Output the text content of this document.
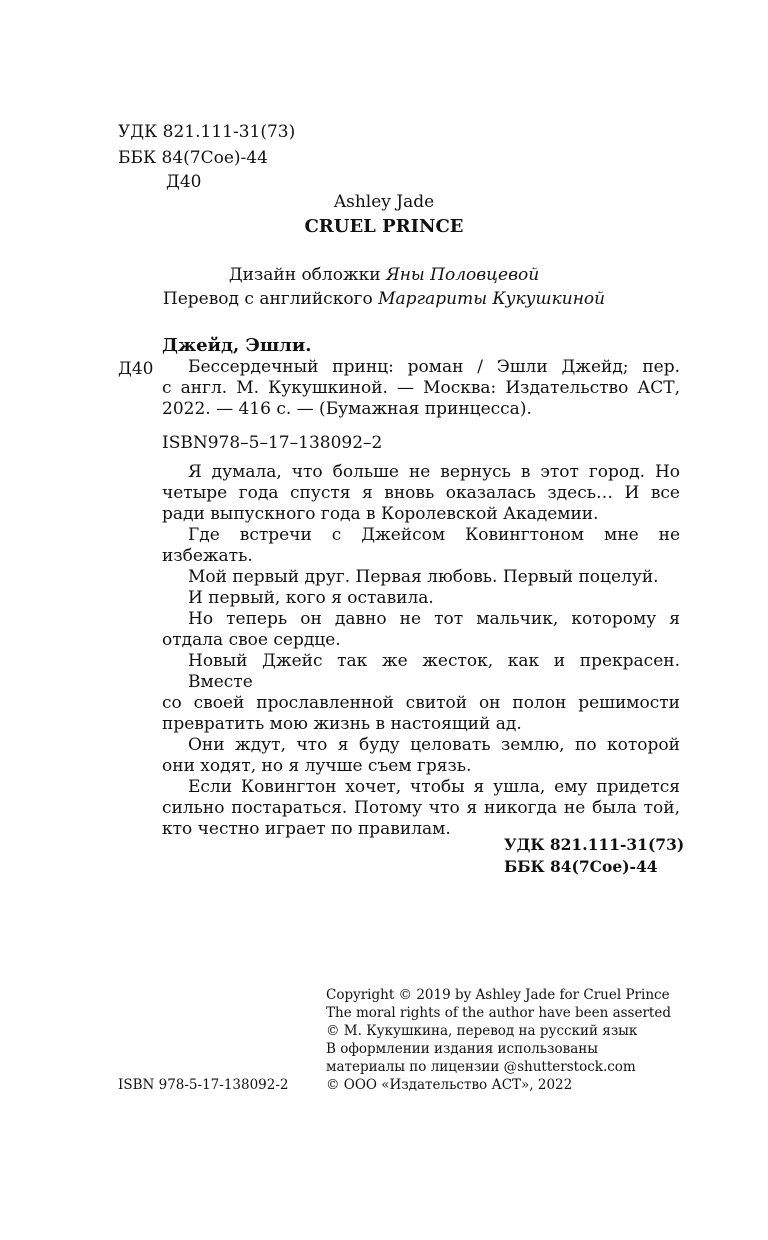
УДК 821.111-31(73)
ББК 84(7Сое)-44
Д40
Ashley Jade
CRUEL PRINCE
Дизайн обложки Яны Половцевой
Перевод с английского Маргариты Кукушкиной
Джейд, Эшли.
Д40	Бессердечный принц: роман / Эшли Джейд; пер.
с англ. М. Кукушкиной. — Москва: Издательство АСТ,
2022. — 416 с. — (Бумажная принцесса).
ISBN978–5–17–138092–2
Я думала, что больше не вернусь в этот город. Но
четыре года спустя я вновь оказалась здесь… И все
ради выпускного года в Королевской Академии.
Где встречи с Джейсом Ковингтоном мне не
избежать.
Мой первый друг. Первая любовь. Первый поцелуй.
И первый, кого я оставила.
Но теперь он давно не тот мальчик, которому я
отдала свое сердце.
Новый Джейс так же жесток, как и прекрасен. Вместе
со своей прославленной свитой он полон решимости
превратить мою жизнь в настоящий ад.
Они ждут, что я буду целовать землю, по которой
они ходят, но я лучше съем грязь.
Если Ковингтон хочет, чтобы я ушла, ему придется
сильно постараться. Потому что я никогда не была той,
кто честно играет по правилам.
УДК 821.111-31(73)
ББК 84(7Сое)-44
Copyright © 2019 by Ashley Jade for Cruel Prince
The moral rights of the author have been asserted
© М. Кукушкина, перевод на русский язык
В оформлении издания использованы
материалы по лицензии @shutterstock.com
© ООО «Издательство АСТ», 2022
ISBN 978-5-17-138092-2
